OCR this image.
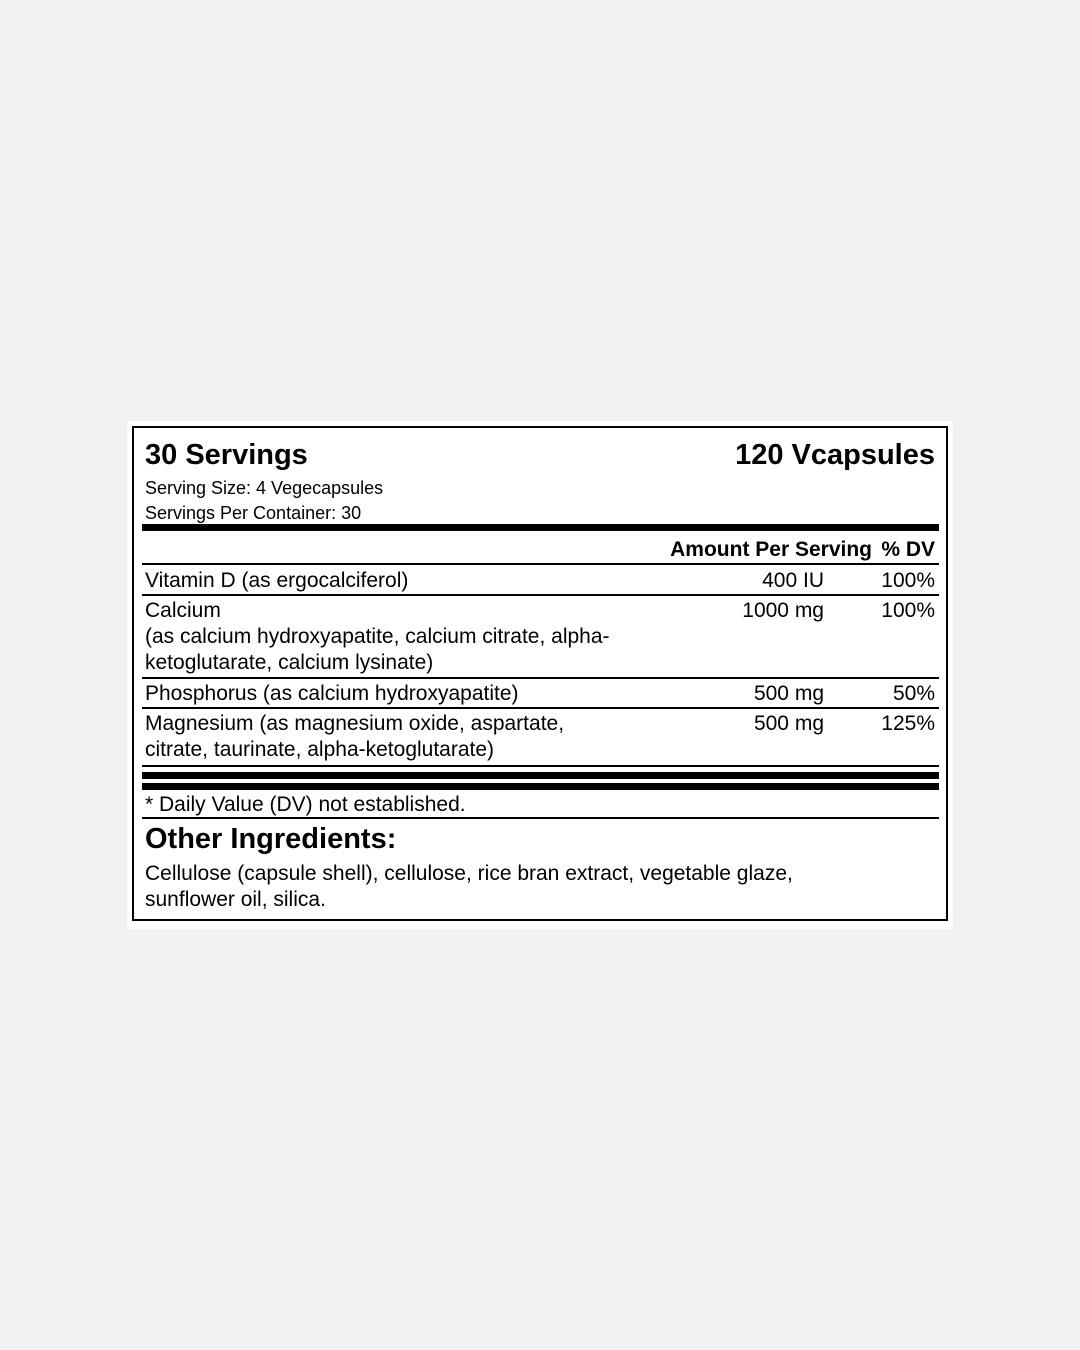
30 Servings	120 Vcapsules
Serving Size: 4 Vegecapsules
Servings Per Container: 30
Amount Per Serving % DV
Vitamin D (as ergocalciferol)	400 IU	100%
Calcium
(as calcium hydroxyapatite, calcium citrate, alpha-
ketoglutarate, calcium lysinate)
1000 mg	100%
Phosphorus (as calcium hydroxyapatite)	500 mg	50%
Magnesium (as magnesium oxide, aspartate,
citrate, taurinate, alpha-ketoglutarate)
500 mg	125%
* Daily Value (DV) not established.
Other Ingredients:
Cellulose (capsule shell), cellulose, rice bran extract, vegetable glaze,
sunflower oil, silica.
